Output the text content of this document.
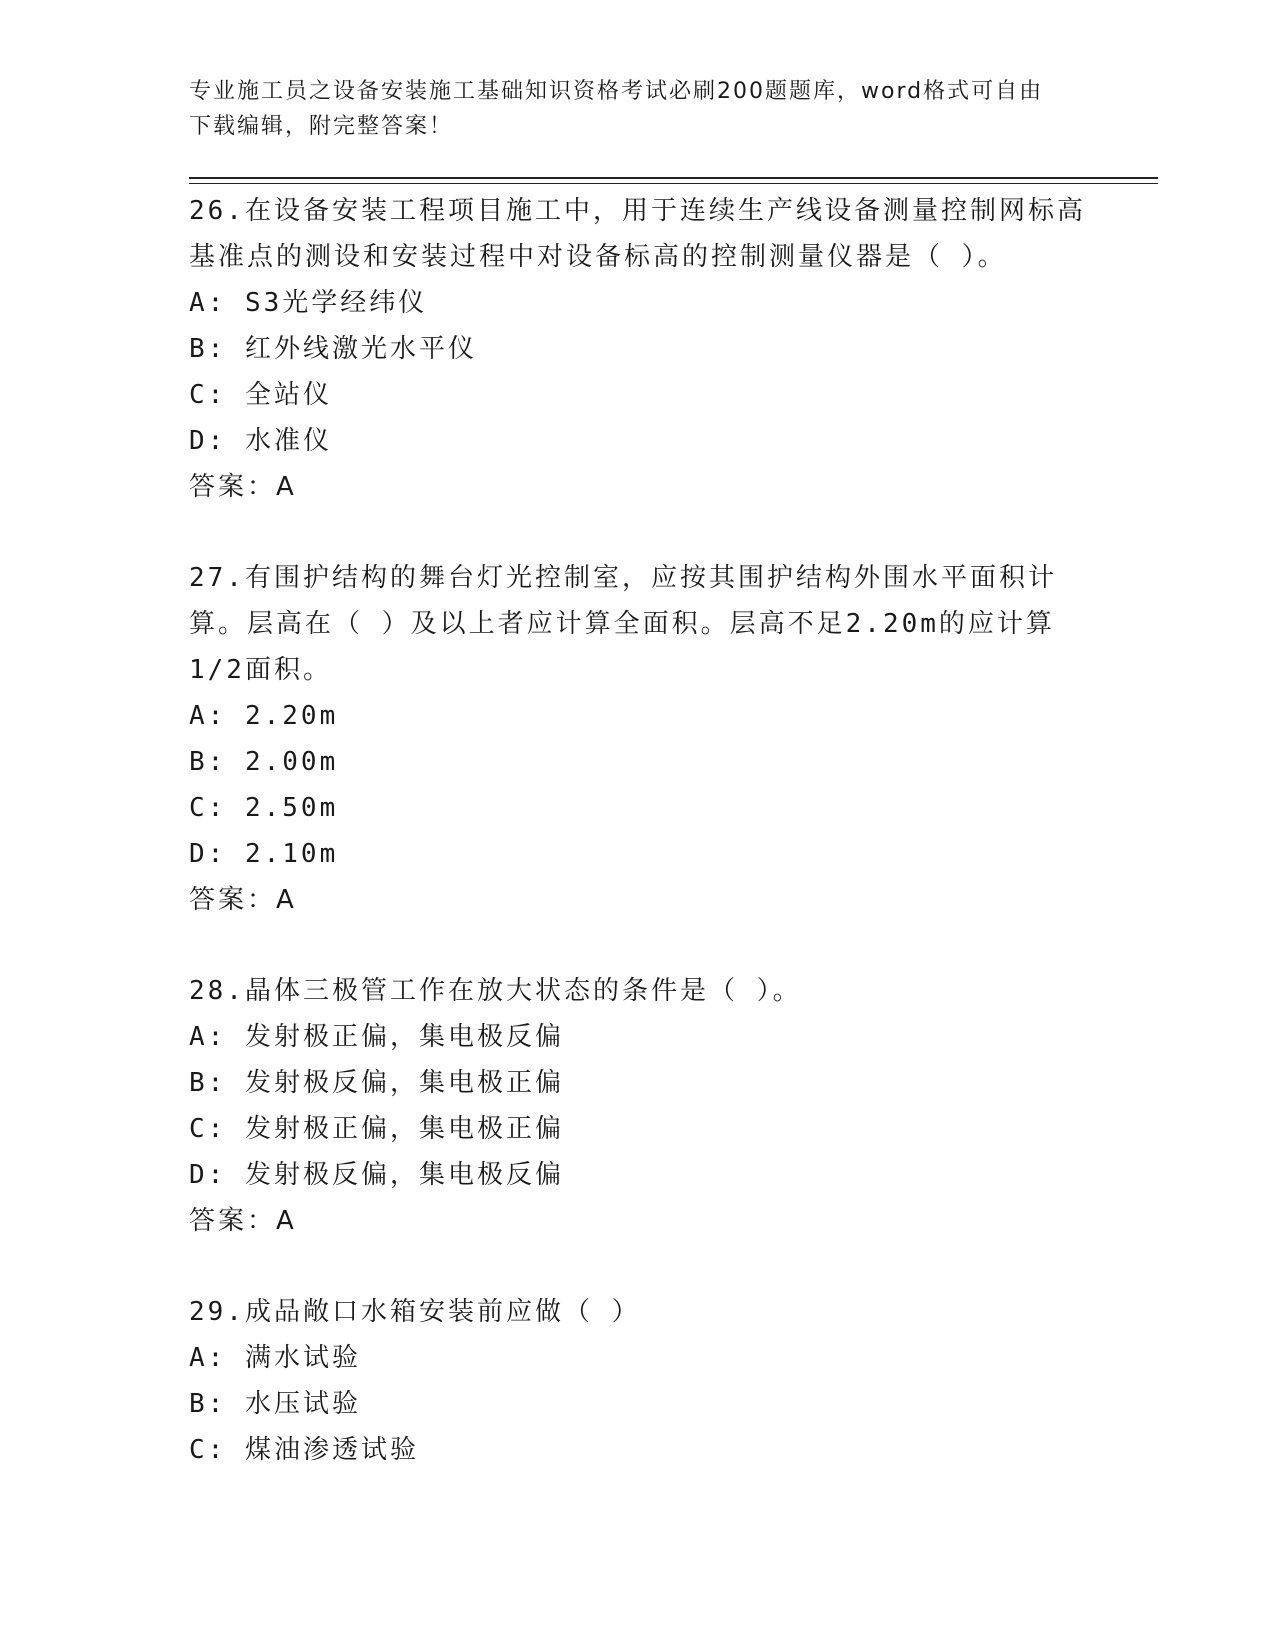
专业施工员之设备安装施工基础知识资格考试必刷200题题库，word格式可自由
下载编辑，附完整答案！

26.在设备安装工程项目施工中，用于连续生产线设备测量控制网标高基准点的测设和安装过程中对设备标高的控制测量仪器是（ ）。

A: S3光学经纬仪

B: 红外线激光水平仪

C: 全站仪

D: 水准仪

答案：A

27.有围护结构的舞台灯光控制室，应按其围护结构外围水平面积计算。层高在（ ）及以上者应计算全面积。层高不足2.20m的应计算1/2面积。

A: 2.20m

B: 2.00m

C: 2.50m

D: 2.10m

答案：A

28.晶体三极管工作在放大状态的条件是（ ）。

A: 发射极正偏，集电极反偏

B: 发射极反偏，集电极正偏

C: 发射极正偏，集电极正偏

D: 发射极反偏，集电极反偏

答案：A

29.成品敞口水箱安装前应做（ ）

A: 满水试验

B: 水压试验

C: 煤油渗透试验
